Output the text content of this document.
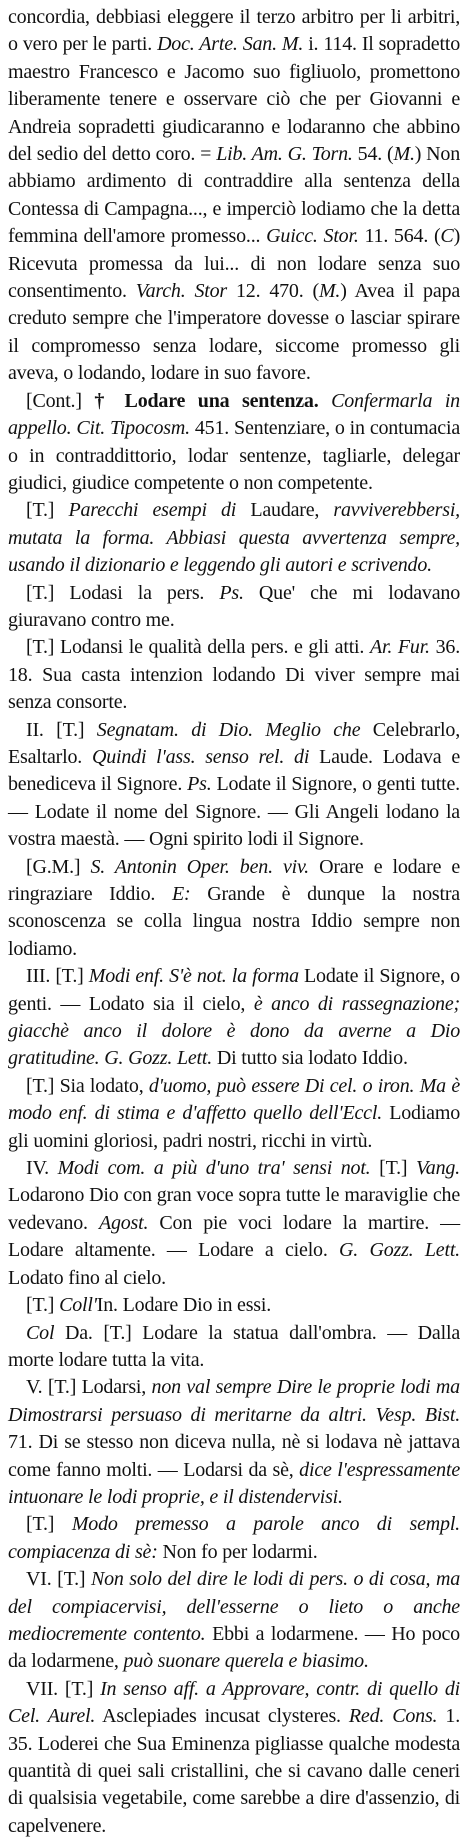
concordia, debbiasi eleggere il terzo arbitro per li arbitri, o vero per le parti. Doc. Arte. San. M. i. 114. Il sopradetto maestro Francesco e Jacomo suo figliuolo, promettono liberamente tenere e osservare ciò che per Giovanni e Andreia sopradetti giudicaranno e lodaranno che abbino del sedio del detto coro. = Lib. Am. G. Torn. 54. (M.) Non abbiamo ardimento di contraddire alla sentenza della Contessa di Campagna..., e imperciò lodiamo che la detta femmina dell'amore promesso... Guicc. Stor. 11. 564. (C) Ricevuta promessa da lui... di non lodare senza suo consentimento. Varch. Stor 12. 470. (M.) Avea il papa creduto sempre che l'imperatore dovesse o lasciar spirare il compromesso senza lodare, siccome promesso gli aveva, o lodando, lodare in suo favore.

[Cont.] † Lodare una sentenza. Confermarla in appello. Cit. Tipocosm. 451. Sentenziare, o in contumacia o in contraddittorio, lodar sentenze, tagliarle, delegar giudici, giudice competente o non competente.

[T.] Parecchi esempi di Laudare, ravviverebbersi, mutata la forma. Abbiasi questa avvertenza sempre, usando il dizionario e leggendo gli autori e scrivendo.

[T.] Lodasi la pers. Ps. Que' che mi lodavano giuravano contro me.

[T.] Lodansi le qualità della pers. e gli atti. Ar. Fur. 36. 18. Sua casta intenzion lodando Di viver sempre mai senza consorte.

II. [T.] Segnatam. di Dio. Meglio che Celebrarlo, Esaltarlo. Quindi l'ass. senso rel. di Laude. Lodava e benediceva il Signore. Ps. Lodate il Signore, o genti tutte. — Lodate il nome del Signore. — Gli Angeli lodano la vostra maestà. — Ogni spirito lodi il Signore.

[G.M.] S. Antonin Oper. ben. viv. Orare e lodare e ringraziare Iddio. E: Grande è dunque la nostra sconoscenza se colla lingua nostra Iddio sempre non lodiamo.

III. [T.] Modi enf. S'è not. la forma Lodate il Signore, o genti. — Lodato sia il cielo, è anco di rassegnazione; giacchè anco il dolore è dono da averne a Dio gratitudine. G. Gozz. Lett. Di tutto sia lodato Iddio.

[T.] Sia lodato, d'uomo, può essere Di cel. o iron. Ma è modo enf. di stima e d'affetto quello dell'Eccl. Lodiamo gli uomini gloriosi, padri nostri, ricchi in virtù.

IV. Modi com. a più d'uno tra' sensi not. [T.] Vang. Lodarono Dio con gran voce sopra tutte le maraviglie che vedevano. Agost. Con pie voci lodare la martire. — Lodare altamente. — Lodare a cielo. G. Gozz. Lett. Lodato fino al cielo.

[T.] Coll'In. Lodare Dio in essi.

Col Da. [T.] Lodare la statua dall'ombra. — Dalla morte lodare tutta la vita.

V. [T.] Lodarsi, non val sempre Dire le proprie lodi ma Dimostrarsi persuaso di meritarne da altri. Vesp. Bist. 71. Di se stesso non diceva nulla, nè si lodava nè jattava come fanno molti. — Lodarsi da sè, dice l'espressamente intuonare le lodi proprie, e il distendervisi.

[T.] Modo premesso a parole anco di sempl. compiacenza di sè: Non fo per lodarmi.

VI. [T.] Non solo del dire le lodi di pers. o di cosa, ma del compiacervisi, dell'esserne o lieto o anche mediocremente contento. Ebbi a lodarmene. — Ho poco da lodarmene, può suonare querela e biasimo.

VII. [T.] In senso aff. a Approvare, contr. di quello di Cel. Aurel. Asclepiades incusat clysteres. Red. Cons. 1. 35. Loderei che Sua Eminenza pigliasse qualche modesta quantità di quei sali cristallini, che si cavano dalle ceneri di qualsisia vegetabile, come sarebbe a dire d'assenzio, di capelvenere.
